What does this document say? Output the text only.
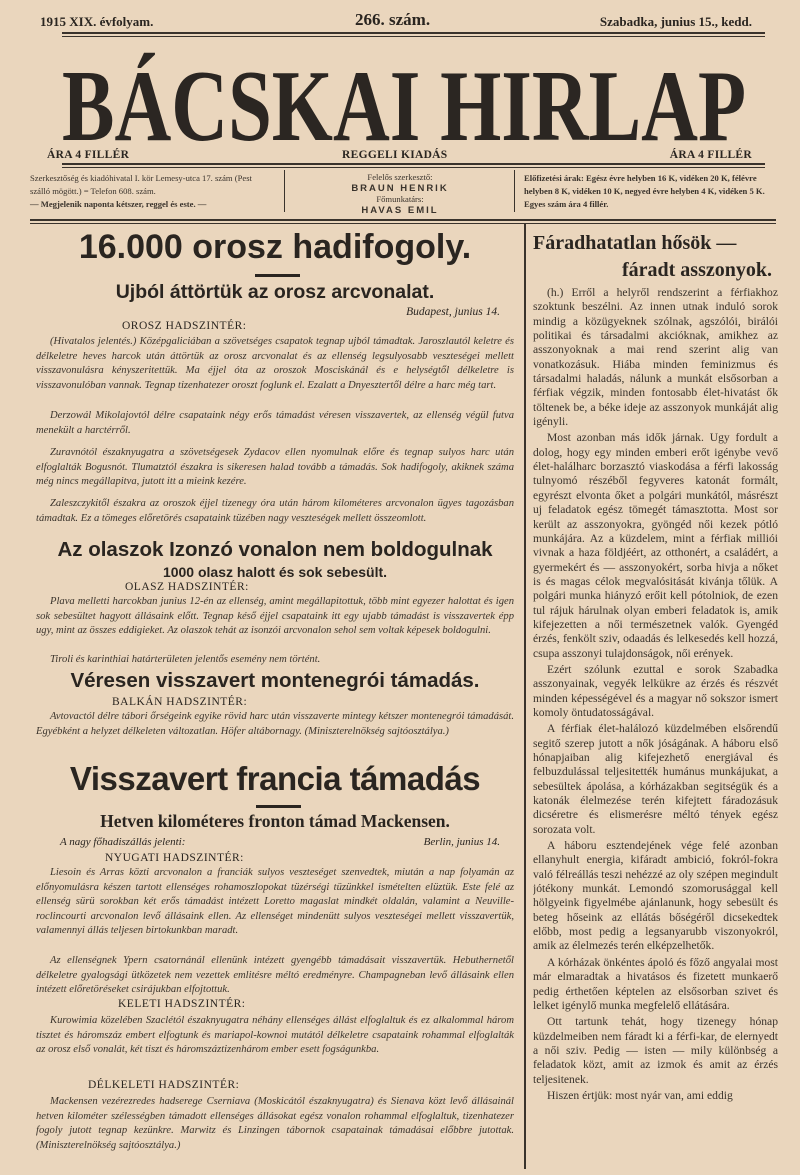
1915 XIX. évfolyam.	266. szám.	Szabadka, junius 15., kedd.
BÁCSKAI HIRLAP
ÁRA 4 FILLÉR	REGGELI KIADÁS	ÁRA 4 FILLÉR
Szerkesztőség és kiadóhivatal I. kör Lemesy-utca 17. szám (Pest szálló mögött.) = Telefon 608. szám.
— Megjelenik naponta kétszer, reggel és este. —
Felelős szerkesztő:
BRAUN HENRIK
Főmunkatárs:
HAVAS EMIL
Előfizetési árak: Egész évre helyben 16 K, vidéken 20 K, félévre helyben 8 K, vidéken 10 K, negyed évre helyben 4 K, vidéken 5 K. Egyes szám ára 4 fillér.
16.000 orosz hadifogoly.
Ujból áttörtük az orosz arcvonalat.
Budapest, junius 14.
OROSZ HADSZINTÉR:

(Hivatalos jelentés.) Középgaliciában a szövetséges csapatok tegnap ujból támadtak. Jaroszlautól keletre és délkeletre heves harcok után áttörtük az orosz arcvonalat és az ellenség legsulyosabb veszteségei mellett visszavonulásra kényszeritettük. Ma éjjel óta az oroszok Mosciskánál és e helységtől délkeletre is visszavonulóban vannak. Tegnap tizenhatezer oroszt foglunk el. Ezalatt a Dnyesztertől délre a harc még tart.

Derzowál Mikolajovtól délre csapataink négy erős támadást véresen visszavertek, az ellenség végül futva menekült a harctérről.

Zuravnótól északnyugatra a szövetségesek Zydacov ellen nyomulnak előre és tegnap sulyos harc után elfoglalták Bogusnót. Tlumatztól északra is sikeresen halad tovább a támadás. Sok hadifogoly, akiknek száma még nincs megállapitva, jutott itt a mieink kezére.

Zaleszczykitől északra az oroszok éjjel tizenegy óra után három kilométeres arcvonalon ügyes tagozásban támadtak. Ez a tömeges előretörés csapataink tüzében nagy veszteségek mellett összeomlott.

Az olaszok Izonzó vonalon nem boldogulnak
1000 olasz halott és sok sebesült.
OLASZ HADSZINTÉR:

Plava melletti harcokban junius 12-én az ellenség, amint megállapitottuk, több mint egyezer halottat és igen sok sebesültet hagyott állásaink előtt. Tegnap késő éjjel csapataink itt egy ujabb támadást is visszavertek épp ugy, mint az összes eddigieket. Az olaszok tehát az isonzói arcvonalon sehol sem voltak képesek boldogulni.

Tiroli és karinthiai határterületen jelentős esemény nem történt.

Véresen visszavert montenegrói támadás.
BALKÁN HADSZINTÉR:

Avtovactól délre tábori őrségeink egyike rövid harc után visszaverte mintegy kétszer montenegrói támadását. Egyébként a helyzet délkeleten változatlan. Höfer altábornagy. (Miniszterelnökség sajtóosztálya.)

Visszavert francia támadás
Hetven kilométeres fronton támad Mackensen.
A nagy főhadiszállás jelenti:	Berlin, junius 14.
NYUGATI HADSZINTÉR:

Liesoin és Arras közti arcvonalon a franciák sulyos veszteséget szenvedtek, miután a nap folyamán az előnyomulásra készen tartott ellenséges rohamoszlopokat tüzérségi tüzünkkel ismételten elüztük. Este felé az ellenség sürü sorokban két erős támadást intézett Loretto magaslat mindkét oldalán, valamint a Neuville-roclincourti arcvonalon levő állásaink ellen. Az ellenséget mindenütt sulyos veszteségei mellett visszavertük, valamennyi állás teljesen birtokunkban maradt.

Az ellenségnek Ypern csatornánál ellenünk intézett gyengébb támadásait visszavertük. Hebuthernetől délkeletre gyalogsági ütközetek nem vezettek emlitésre méltó eredményre. Champagneban levő állásaink ellen intézett előretöréseket csirájukban elfojtottuk.

KELETI HADSZINTÉR:

Kurowimia közelében Szaclétól északnyugatra néhány ellenséges állást elfoglaltuk és ez alkalommal három tisztet és háromszáz embert elfogtunk és mariapol-kownoi mutától délkeletre csapataink rohammal elfoglalták az orosz első vonalát, két tiszt és háromszáztizenhárom ember esett fogságunkba.

DÉLKELETI HADSZINTÉR:

Mackensen vezérezredes hadserege Cserniava (Moskicától északnyugatra) és Sienava közt levő állásainál hetven kilométer szélességben támadott ellenséges állásokat egész vonalon rohammal elfoglaltuk, tizenhatezer fogoly jutott tegnap kezünkre. Marwitz és Linzingen tábornok csapatainak támadásai előbbre jutottak. (Miniszterelnökség sajtóosztálya.)

Fáradhatatlan hősök —
fáradt asszonyok.

(h.) Erről a helyről rendszerint a férfiakhoz szoktunk beszélni. Az innen utnak induló sorok mindig a közügyeknek szólnak, agszólói, birálói politikai és társadalmi akcióknak, amikhez az asszonyoknak a mai rend szerint alig van vonatkozásuk. Hiába minden feminizmus és társadalmi haladás, nálunk a munkát elsősorban a férfiak végzik, minden fontosabb élet-hivatást ők töltenek be, a béke ideje az asszonyok munkáját alig igényli.

Most azonban más idők járnak. Ugy fordult a dolog, hogy egy minden emberi erőt igénybe vevő élet-halálharc borzasztó viaskodása a férfi lakosság tulnyomó részéből fegyveres katonát formált, egyrészt elvonta őket a polgári munkától, másrészt uj feladatok egész tömegét támasztotta. Most sor került az asszonyokra, gyöngéd női kezek pótló munkájára. Az a küzdelem, mint a férfiak milliói vivnak a haza földjéért, az otthonért, a családért, a gyermekért és — asszonyokért, sorba hivja a nőket is és magas célok megvalósitását kivánja tőlük. A polgári munka hiányzó erőit kell pótolniok, de ezen tul rájuk hárulnak olyan emberi feladatok is, amik kifejezetten a női természetnek valók. Gyengéd érzés, fenkölt sziv, odaadás és lelkesedés kell hozzá, csupa asszonyi tulajdonságok, női erények.

Ezért szólunk ezuttal e sorok Szabadka asszonyainak, vegyék lelkükre az érzés és részvét minden képességével és a magyar nő sokszor ismert komoly öntudatosságával.

A férfiak élet-halálozó küzdelmében elsőrendű segitő szerep jutott a nők jóságának. A háboru első hónapjaiban alig kifejezhető energiával és felbuzdulással teljesitették humánus munkájukat, a sebesültek ápolása, a kórházakban segitségük és a katonák élelmezése terén kifejtett fáradozásuk dicséretre és elismerésre méltó tények egész sorozata volt.

A háboru esztendejének vége felé azonban ellanyhult energia, kifáradt ambició, fokról-fokra való félreállás teszi nehézzé az oly szépen megindult jótékony munkát. Lemondó szomorusággal kell hölgyeink figyelmébe ajánlanunk, hogy sebesült és beteg hőseink az ellátás bőségéről dicsekedtek előbb, most pedig a legsanyarubb viszonyokról, amik az élelmezés terén elképzelhetők.

A kórházak önkéntes ápoló és főző angyalai most már elmaradtak a hivatásos és fizetett munkaerő pedig érthetően képtelen az elsősorban szivet és lelket igénylő munka megfelelő ellátására.

Ott tartunk tehát, hogy tizenegy hónap küzdelmeiben nem fáradt ki a férfi-kar, de elernyedt a női sziv. Pedig — isten — mily különbség a feladatok közt, amit az izmok és amit az érzés teljesitenek.

Hiszen értjük: most nyár van, ami eddig
